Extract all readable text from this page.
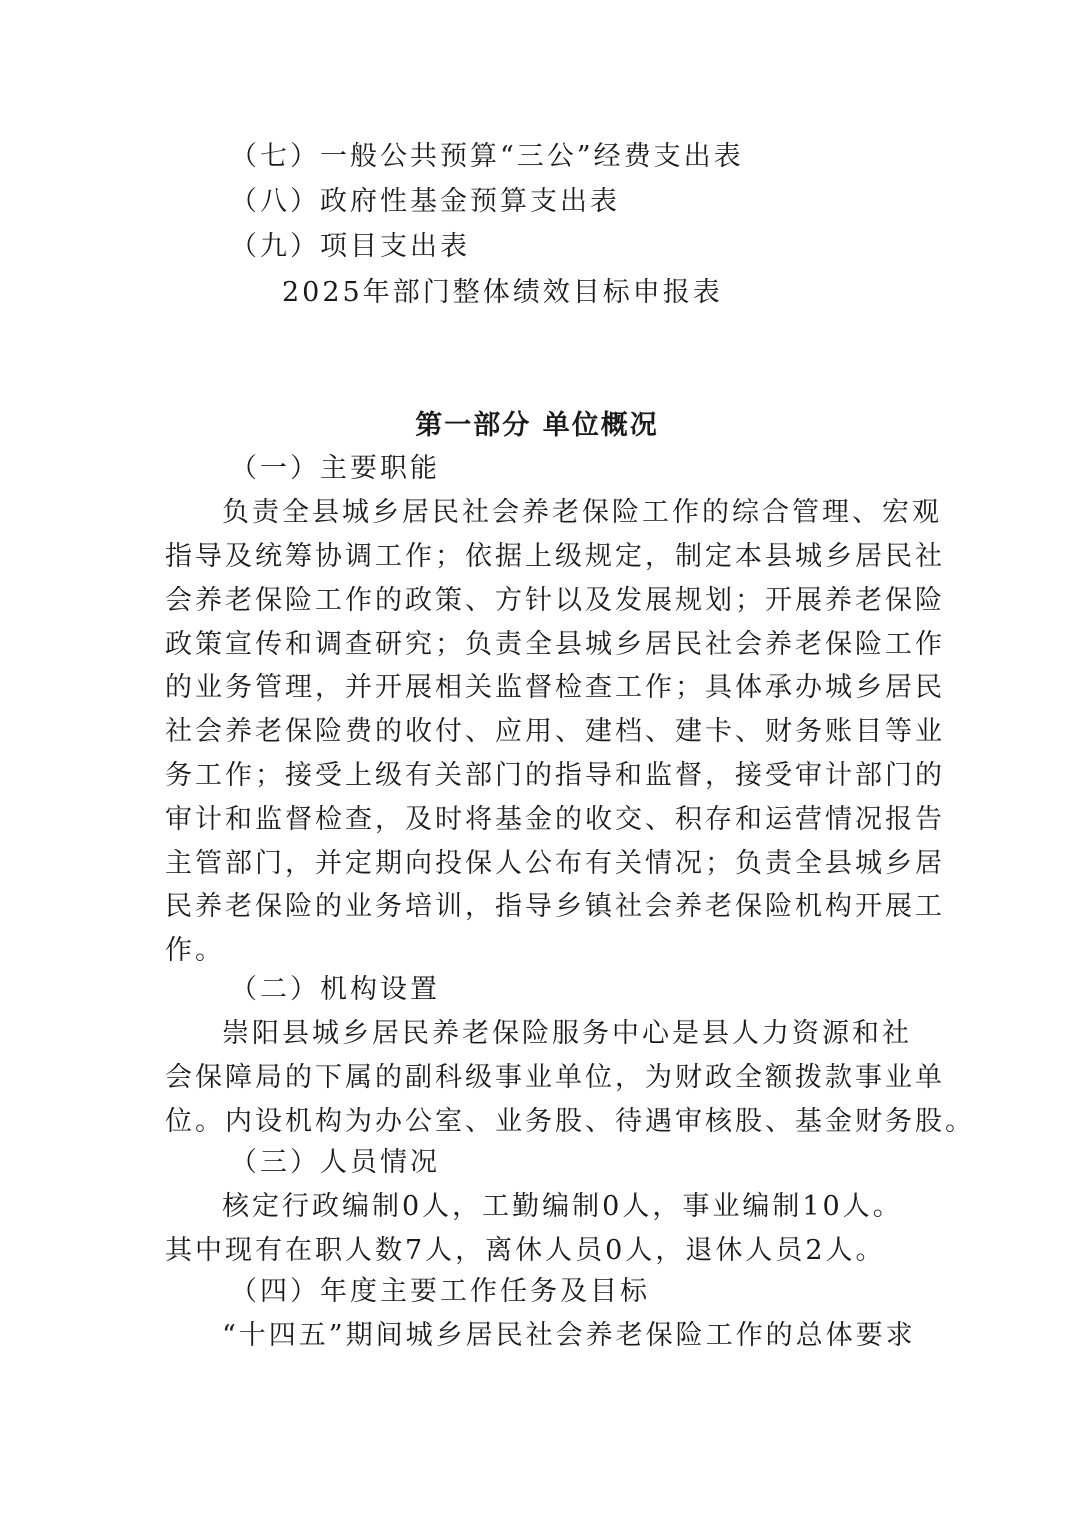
（七）一般公共预算“三公”经费支出表
（八）政府性基金预算支出表
（九）项目支出表
2025年部门整体绩效目标申报表
第一部分 单位概况
（一）主要职能
负责全县城乡居民社会养老保险工作的综合管理、宏观
指导及统筹协调工作；依据上级规定，制定本县城乡居民社
会养老保险工作的政策、方针以及发展规划；开展养老保险
政策宣传和调查研究；负责全县城乡居民社会养老保险工作
的业务管理，并开展相关监督检查工作；具体承办城乡居民
社会养老保险费的收付、应用、建档、建卡、财务账目等业
务工作；接受上级有关部门的指导和监督，接受审计部门的
审计和监督检查，及时将基金的收交、积存和运营情况报告
主管部门，并定期向投保人公布有关情况；负责全县城乡居
民养老保险的业务培训，指导乡镇社会养老保险机构开展工
作。
（二）机构设置
崇阳县城乡居民养老保险服务中心是县人力资源和社
会保障局的下属的副科级事业单位，为财政全额拨款事业单
位。内设机构为办公室、业务股、待遇审核股、基金财务股。
（三）人员情况
核定行政编制0人，工勤编制0人，事业编制10人。
其中现有在职人数7人，离休人员0人，退休人员2人。
（四）年度主要工作任务及目标
“十四五”期间城乡居民社会养老保险工作的总体要求
